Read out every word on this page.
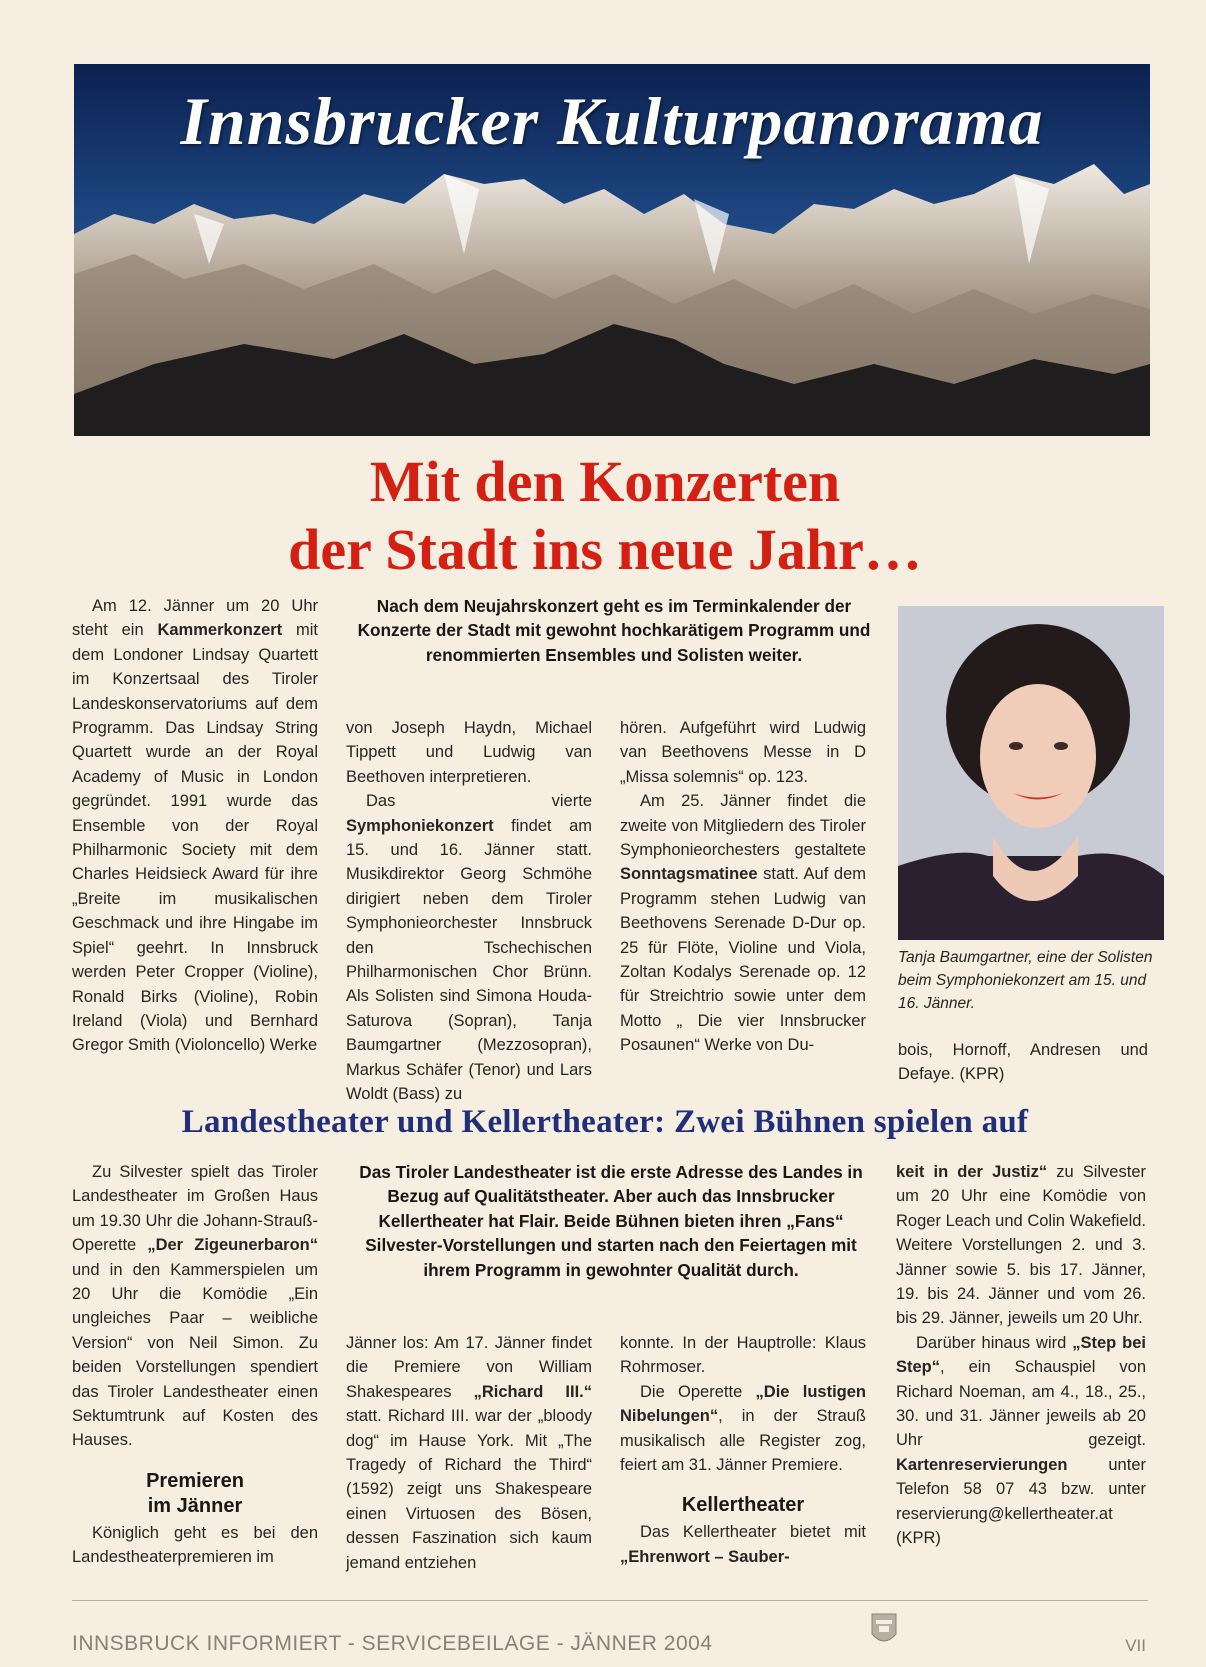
Innsbrucker Kulturpanorama
Mit den Konzerten
der Stadt ins neue Jahr…

Am 12. Jänner um 20 Uhr steht ein Kammerkonzert mit dem Londoner Lindsay Quartett im Konzertsaal des Tiroler Landeskonservatoriums auf dem Programm. Das Lindsay String Quartett wurde an der Royal Academy of Music in London gegründet. 1991 wurde das Ensemble von der Royal Philharmonic Society mit dem Charles Heidsieck Award für ihre „Breite im musikalischen Geschmack und ihre Hingabe im Spiel“ geehrt. In Innsbruck werden Peter Cropper (Violine), Ronald Birks (Violine), Robin Ireland (Viola) und Bernhard Gregor Smith (Violoncello) Werke

Nach dem Neujahrskonzert geht es im Terminkalender der Konzerte der Stadt mit gewohnt hochkarätigem Programm und renommierten Ensembles und Solisten weiter.

von Joseph Haydn, Michael Tippett und Ludwig van Beethoven interpretieren.

Das vierte Symphoniekonzert findet am 15. und 16. Jänner statt. Musikdirektor Georg Schmöhe dirigiert neben dem Tiroler Symphonieorchester Innsbruck den Tschechischen Philharmonischen Chor Brünn. Als Solisten sind Simona Houda-Saturova (Sopran), Tanja Baumgartner (Mezzosopran), Markus Schäfer (Tenor) und Lars Woldt (Bass) zu

hören. Aufgeführt wird Ludwig van Beethovens Messe in D „Missa solemnis“ op. 123.

Am 25. Jänner findet die zweite von Mitgliedern des Tiroler Symphonieorchesters gestaltete Sonntagsmatinee statt. Auf dem Programm stehen Ludwig van Beethovens Serenade D-Dur op. 25 für Flöte, Violine und Viola, Zoltan Kodalys Serenade op. 12 für Streichtrio sowie unter dem Motto „ Die vier Innsbrucker Posaunen“ Werke von Du-

Tanja Baumgartner, eine der Solisten beim Symphoniekonzert am 15. und 16. Jänner.

bois, Hornoff, Andresen und Defaye. (KPR)

Landestheater und Kellertheater: Zwei Bühnen spielen auf

Zu Silvester spielt das Tiroler Landestheater im Großen Haus um 19.30 Uhr die Johann-Strauß-Operette „Der Zigeunerbaron“ und in den Kammerspielen um 20 Uhr die Komödie „Ein ungleiches Paar – weibliche Version“ von Neil Simon. Zu beiden Vorstellungen spendiert das Tiroler Landestheater einen Sektumtrunk auf Kosten des Hauses.

Premieren
im Jänner

Königlich geht es bei den Landestheaterpremieren im

Das Tiroler Landestheater ist die erste Adresse des Landes in Bezug auf Qualitätstheater. Aber auch das Innsbrucker Kellertheater hat Flair. Beide Bühnen bieten ihren „Fans“ Silvester-Vorstellungen und starten nach den Feiertagen mit ihrem Programm in gewohnter Qualität durch.

Jänner los: Am 17. Jänner findet die Premiere von William Shakespeares „Richard III.“ statt. Richard III. war der „bloody dog“ im Hause York. Mit „The Tragedy of Richard the Third“ (1592) zeigt uns Shakespeare einen Virtuosen des Bösen, dessen Faszination sich kaum jemand entziehen

konnte. In der Hauptrolle: Klaus Rohrmoser.

Die Operette „Die lustigen Nibelungen“, in der Strauß musikalisch alle Register zog, feiert am 31. Jänner Premiere.

Kellertheater

Das Kellertheater bietet mit „Ehrenwort – Sauber-

keit in der Justiz“ zu Silvester um 20 Uhr eine Komödie von Roger Leach und Colin Wakefield. Weitere Vorstellungen 2. und 3. Jänner sowie 5. bis 17. Jänner, 19. bis 24. Jänner und vom 26. bis 29. Jänner, jeweils um 20 Uhr.

Darüber hinaus wird „Step bei Step“, ein Schauspiel von Richard Noeman, am 4., 18., 25., 30. und 31. Jänner jeweils ab 20 Uhr gezeigt. Kartenreservierungen unter Telefon 58 07 43 bzw. unter reservierung@kellertheater.at (KPR)

INNSBRUCK INFORMIERT - SERVICEBEILAGE - JÄNNER 2004	VII
